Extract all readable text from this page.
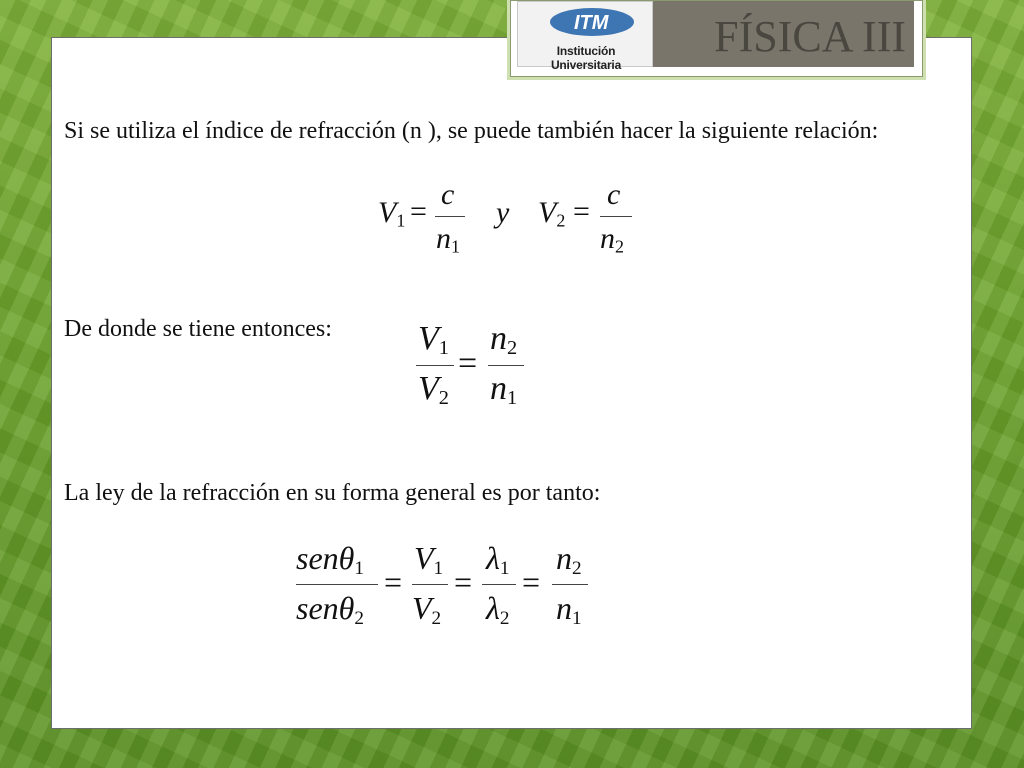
ITM
Institución Universitaria
FÍSICA III
Si se utiliza el índice de refracción (n ), se puede también hacer la siguiente relación:
$V_1$ =
c
$n_1$
y $V_2$ =
c
$n_2$
De donde se tiene entonces:	$V_1$
$V_2$
=
$n_2$
$n_1$
La ley de la refracción en su forma general es por tanto:
senθ$_1$
senθ$_2$
=
$V_1$
$V_2$
=
$\lambda_1$
$\lambda_2$
=
$n_2$
$n_1$
